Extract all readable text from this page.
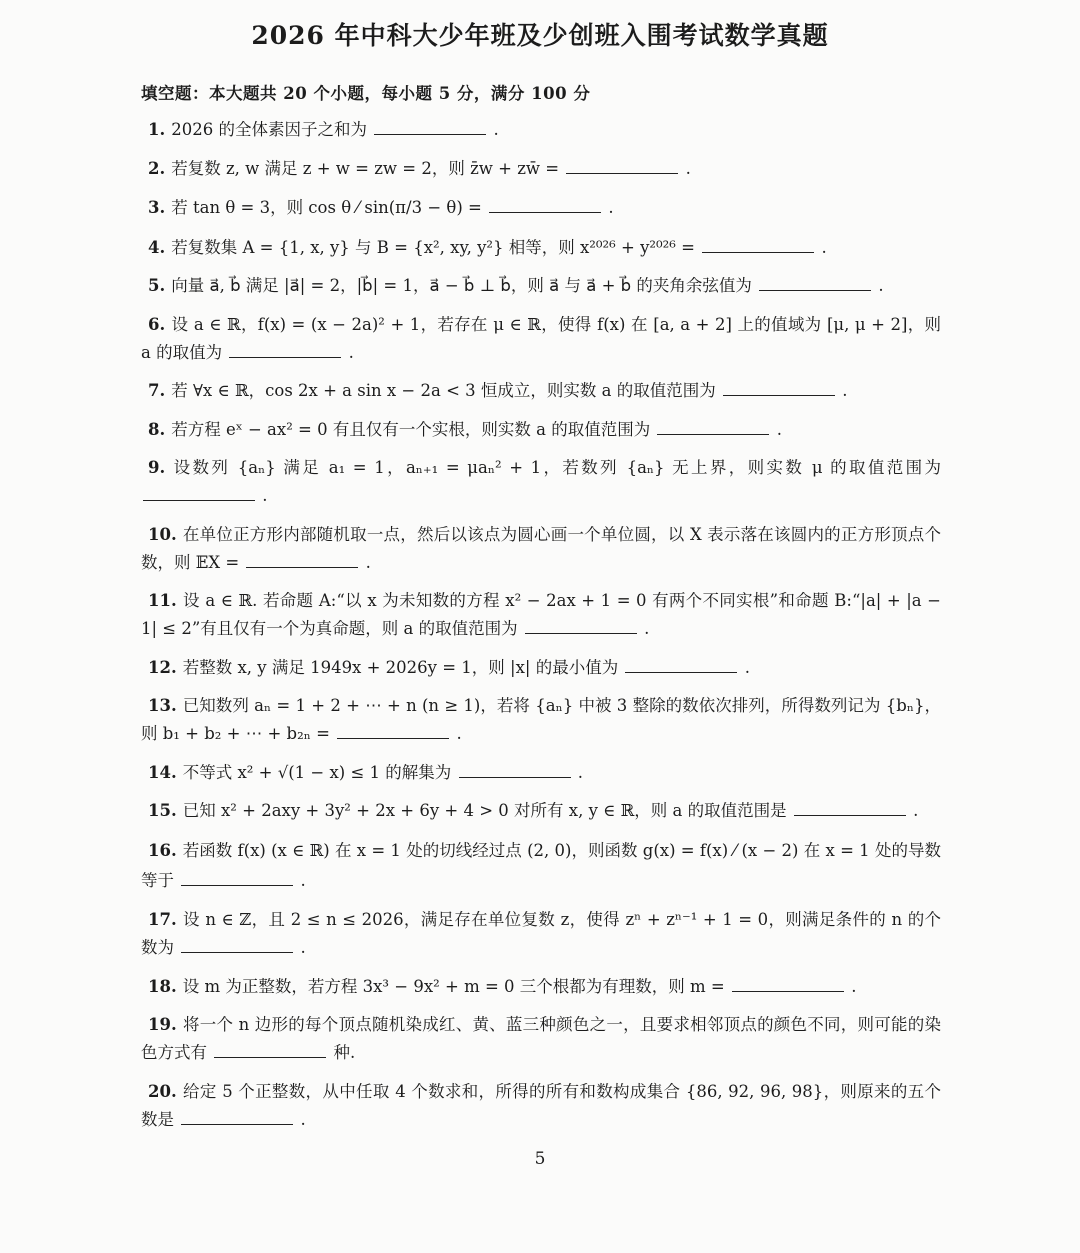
2026 年中科大少年班及少创班入围考试数学真题
填空题：本大题共 20 个小题，每小题 5 分，满分 100 分
1. 2026 的全体素因子之和为	.
2. 若复数 z, w 满足 z + w = zw = 2，则 z̄w + zw̄ =	.
3. 若 tan θ = 3，则 cos θ ⁄ sin(π/3 − θ) =	.
4. 若复数集 A = {1, x, y} 与 B = {x², xy, y²} 相等，则 x²⁰²⁶ + y²⁰²⁶ =	.
5. 向量 a⃗, b⃗ 满足 |a⃗| = 2，|b⃗| = 1，a⃗ − b⃗ ⊥ b⃗，则 a⃗ 与 a⃗ + b⃗ 的夹角余弦值为	.
6. 设 a ∈ ℝ，f(x) = (x − 2a)² + 1，若存在 μ ∈ ℝ，使得 f(x) 在 [a, a + 2] 上的值域为 [μ, μ + 2]，则 a 的取值为	.
7. 若 ∀x ∈ ℝ，cos 2x + a sin x − 2a < 3 恒成立，则实数 a 的取值范围为	.
8. 若方程 eˣ − ax² = 0 有且仅有一个实根，则实数 a 的取值范围为	.
9. 设数列 {aₙ} 满足 a₁ = 1，aₙ₊₁ = μaₙ² + 1，若数列 {aₙ} 无上界，则实数 μ 的取值范围为  .
10. 在单位正方形内部随机取一点，然后以该点为圆心画一个单位圆，以 X 表示落在该圆内的正方形顶点个数，则 𝔼X =	.
11. 设 a ∈ ℝ. 若命题 A:“以 x 为未知数的方程 x² − 2ax + 1 = 0 有两个不同实根”和命题 B:“|a| + |a − 1| ≤ 2”有且仅有一个为真命题，则 a 的取值范围为	.
12. 若整数 x, y 满足 1949x + 2026y = 1，则 |x| 的最小值为	.
13. 已知数列 aₙ = 1 + 2 + ⋯ + n (n ≥ 1)，若将 {aₙ} 中被 3 整除的数依次排列，所得数列记为 {bₙ}，则 b₁ + b₂ + ⋯ + b₂ₙ =	.
14. 不等式 x² + √(1 − x) ≤ 1 的解集为	.
15. 已知 x² + 2axy + 3y² + 2x + 6y + 4 > 0 对所有 x, y ∈ ℝ，则 a 的取值范围是	.
16. 若函数 f(x) (x ∈ ℝ) 在 x = 1 处的切线经过点 (2, 0)，则函数 g(x) = f(x) ⁄ (x − 2) 在 x = 1 处的导数等于	.
17. 设 n ∈ ℤ，且 2 ≤ n ≤ 2026，满足存在单位复数 z，使得 zⁿ + zⁿ⁻¹ + 1 = 0，则满足条件的 n 的个数为	.
18. 设 m 为正整数，若方程 3x³ − 9x² + m = 0 三个根都为有理数，则 m =	.
19. 将一个 n 边形的每个顶点随机染成红、黄、蓝三种颜色之一，且要求相邻顶点的颜色不同，则可能的染色方式有	种.
20. 给定 5 个正整数，从中任取 4 个数求和，所得的所有和数构成集合 {86, 92, 96, 98}，则原来的五个数是	.
5
